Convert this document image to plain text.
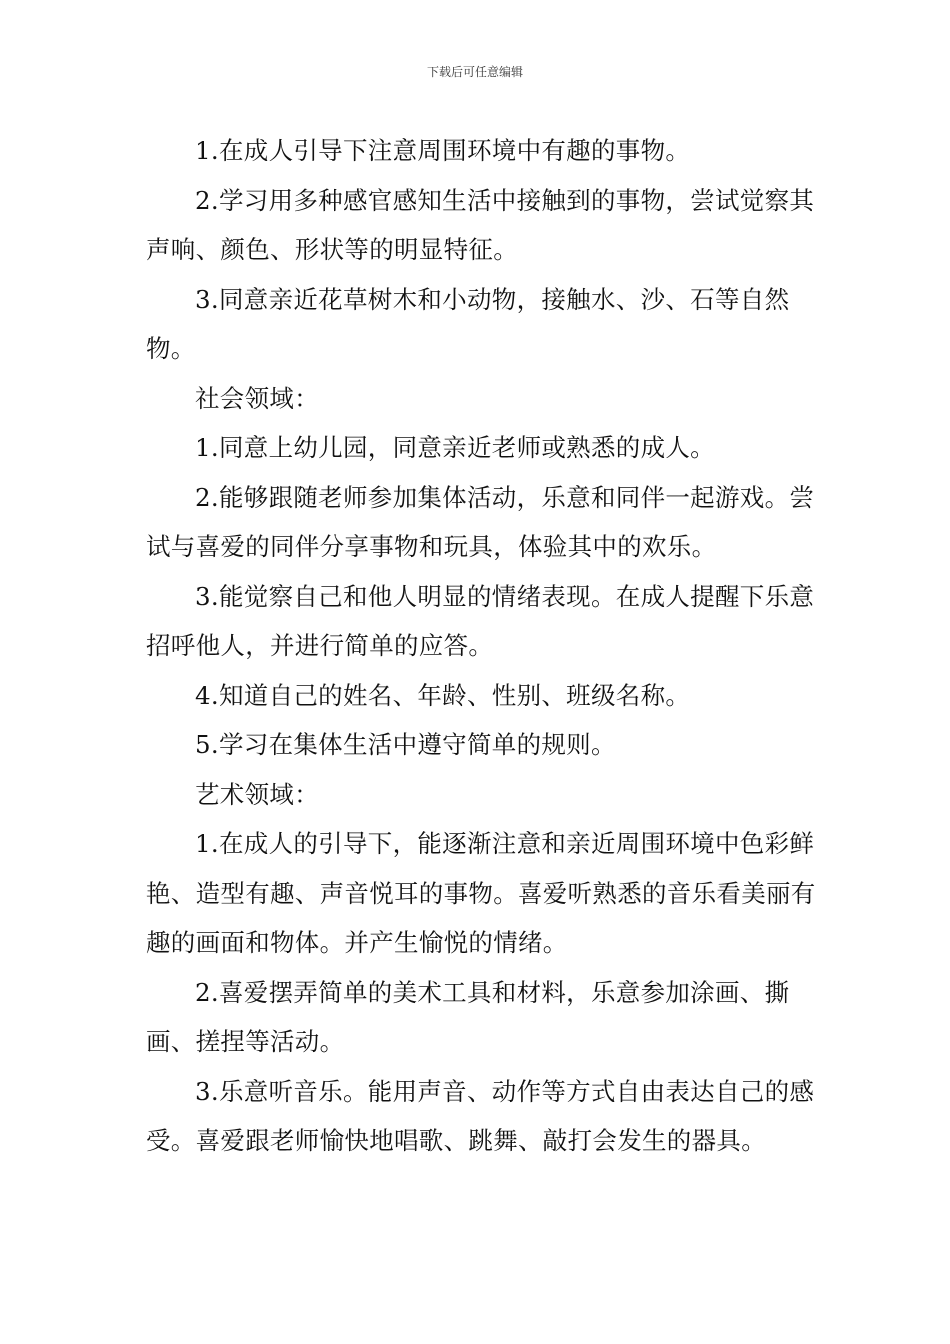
下载后可任意编辑

1.在成人引导下注意周围环境中有趣的事物。

2.学习用多种感官感知生活中接触到的事物，尝试觉察其声响、颜色、形状等的明显特征。

3.同意亲近花草树木和小动物，接触水、沙、石等自然物。

社会领域：

1.同意上幼儿园，同意亲近老师或熟悉的成人。

2.能够跟随老师参加集体活动，乐意和同伴一起游戏。尝试与喜爱的同伴分享事物和玩具，体验其中的欢乐。

3.能觉察自己和他人明显的情绪表现。在成人提醒下乐意招呼他人，并进行简单的应答。

4.知道自己的姓名、年龄、性别、班级名称。

5.学习在集体生活中遵守简单的规则。

艺术领域：

1.在成人的引导下，能逐渐注意和亲近周围环境中色彩鲜艳、造型有趣、声音悦耳的事物。喜爱听熟悉的音乐看美丽有趣的画面和物体。并产生愉悦的情绪。

2.喜爱摆弄简单的美术工具和材料，乐意参加涂画、撕画、搓捏等活动。

3.乐意听音乐。能用声音、动作等方式自由表达自己的感受。喜爱跟老师愉快地唱歌、跳舞、敲打会发生的器具。
